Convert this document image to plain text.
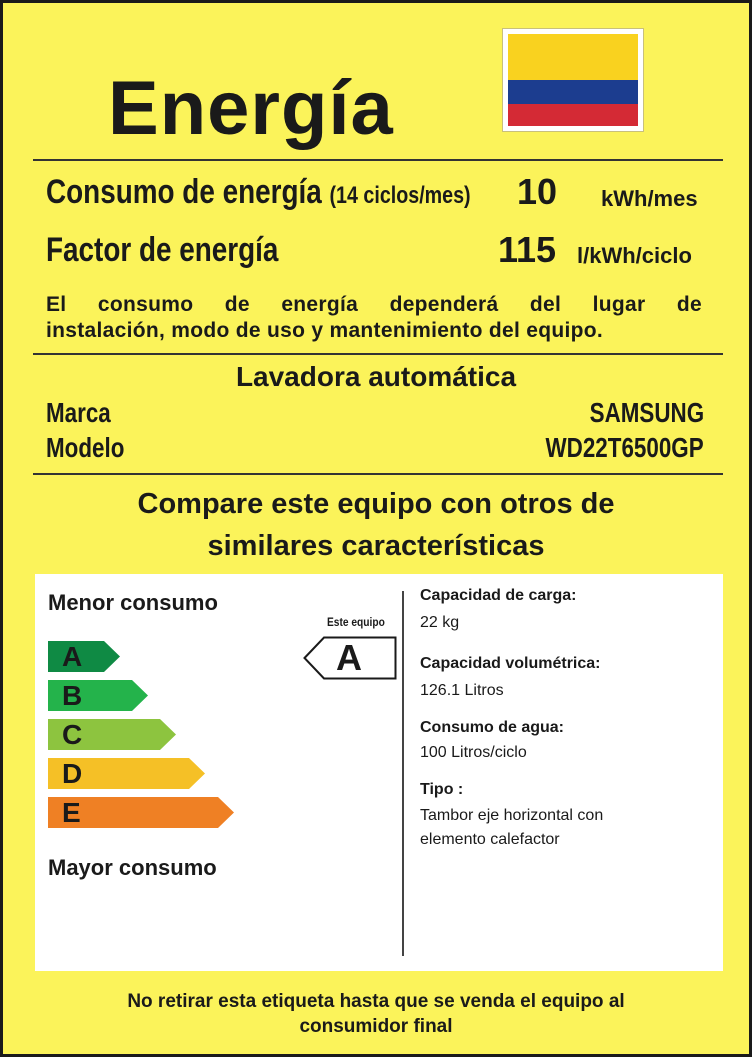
Energía
Consumo de energía (14 ciclos/mes) 10 kWh/mes
Factor de energía	115 l/kWh/ciclo
El consumo de energía dependerá del lugar de
instalación, modo de uso y mantenimiento del equipo.
Lavadora automática
Marca	SAMSUNG
Modelo	WD22T6500GP
Compare este equipo con otros de
similares características
Menor consumo
A
B
C
D
E
Mayor consumo
Este equipo
A
Capacidad de carga:
22 kg
Capacidad volumétrica:
126.1 Litros
Consumo de agua:
100 Litros/ciclo
Tipo :
Tambor eje horizontal con
elemento calefactor
No retirar esta etiqueta hasta que se venda el equipo al
consumidor final
